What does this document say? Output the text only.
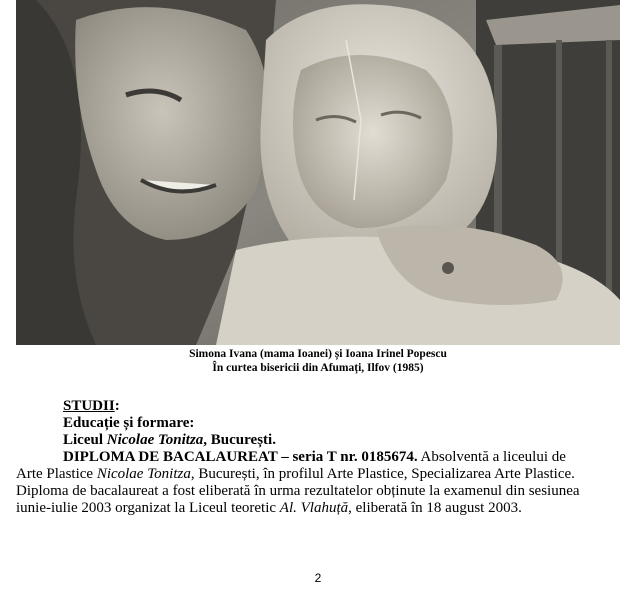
Simona Ivana (mama Ioanei) și Ioana Irinel Popescu
În curtea bisericii din Afumați, Ilfov (1985)
STUDII:
Educație și formare:
Liceul Nicolae Tonitza, București.
DIPLOMA DE BACALAUREAT – seria T nr. 0185674. Absolventă a liceului de
Arte Plastice Nicolae Tonitza, București, în profilul Arte Plastice, Specializarea Arte Plastice.
Diploma de bacalaureat a fost eliberată în urma rezultatelor obținute la examenul din sesiunea
iunie-iulie 2003 organizat la Liceul teoretic Al. Vlahuță, eliberată în 18 august 2003.
2
